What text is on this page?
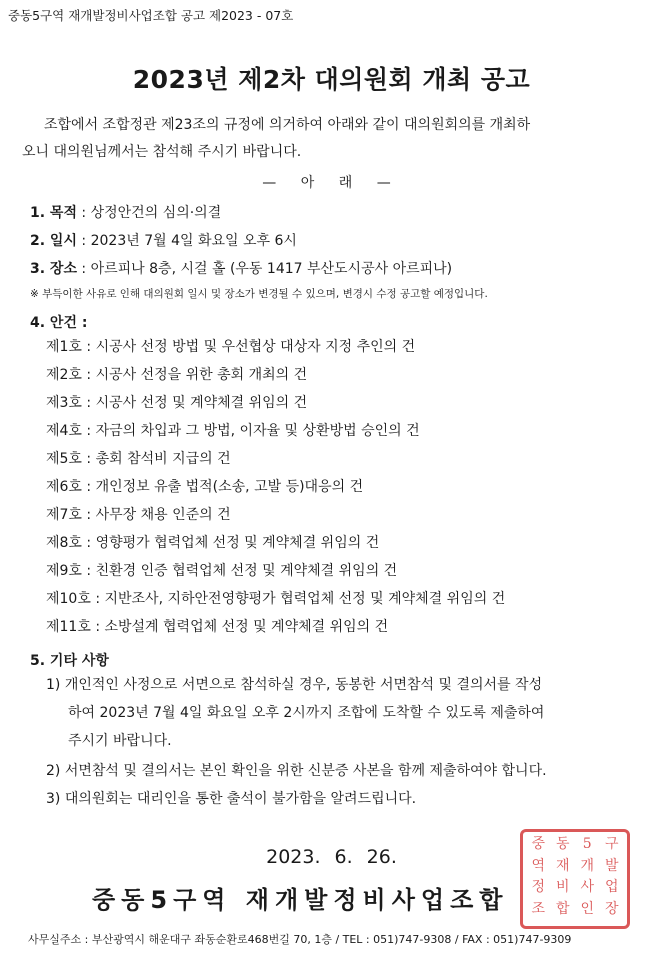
중동5구역 재개발정비사업조합 공고 제2023 - 07호
2023년 제2차 대의원회 개최 공고

조합에서 조합정관 제23조의 규정에 의거하여 아래와 같이 대의원회의를 개최하

오니 대의원님께서는 참석해 주시기 바랍니다.
— 아 래 —
1. 목적 : 상정안건의 심의·의결
2. 일시 : 2023년 7월 4일 화요일 오후 6시
3. 장소 : 아르피나 8층, 시걸 홀 (우동 1417 부산도시공사 아르피나)
※ 부득이한 사유로 인해 대의원회 일시 및 장소가 변경될 수 있으며, 변경시 수정 공고할 예정입니다.
4. 안건 :
제1호 : 시공사 선정 방법 및 우선협상 대상자 지정 추인의 건
제2호 : 시공사 선정을 위한 총회 개최의 건
제3호 : 시공사 선정 및 계약체결 위임의 건
제4호 : 자금의 차입과 그 방법, 이자율 및 상환방법 승인의 건
제5호 : 총회 참석비 지급의 건
제6호 : 개인정보 유출 법적(소송, 고발 등)대응의 건
제7호 : 사무장 채용 인준의 건
제8호 : 영향평가 협력업체 선정 및 계약체결 위임의 건
제9호 : 친환경 인증 협력업체 선정 및 계약체결 위임의 건
제10호 : 지반조사, 지하안전영향평가 협력업체 선정 및 계약체결 위임의 건
제11호 : 소방설계 협력업체 선정 및 계약체결 위임의 건
5. 기타 사항
1) 개인적인 사정으로 서면으로 참석하실 경우, 동봉한 서면참석 및 결의서를 작성
하여 2023년 7월 4일 화요일 오후 2시까지 조합에 도착할 수 있도록 제출하여
주시기 바랍니다.
2) 서면참석 및 결의서는 본인 확인을 위한 신분증 사본을 함께 제출하여야 합니다.
3) 대의원회는 대리인을 통한 출석이 불가함을 알려드립니다.
2023. 6. 26.
중동5구역 재개발정비사업조합
중 동 5 구
역 재 개 발
정 비 사 업
조 합 인 장
사무실주소 : 부산광역시 해운대구 좌동순환로468번길 70, 1층 / TEL : 051)747-9308 / FAX : 051)747-9309
